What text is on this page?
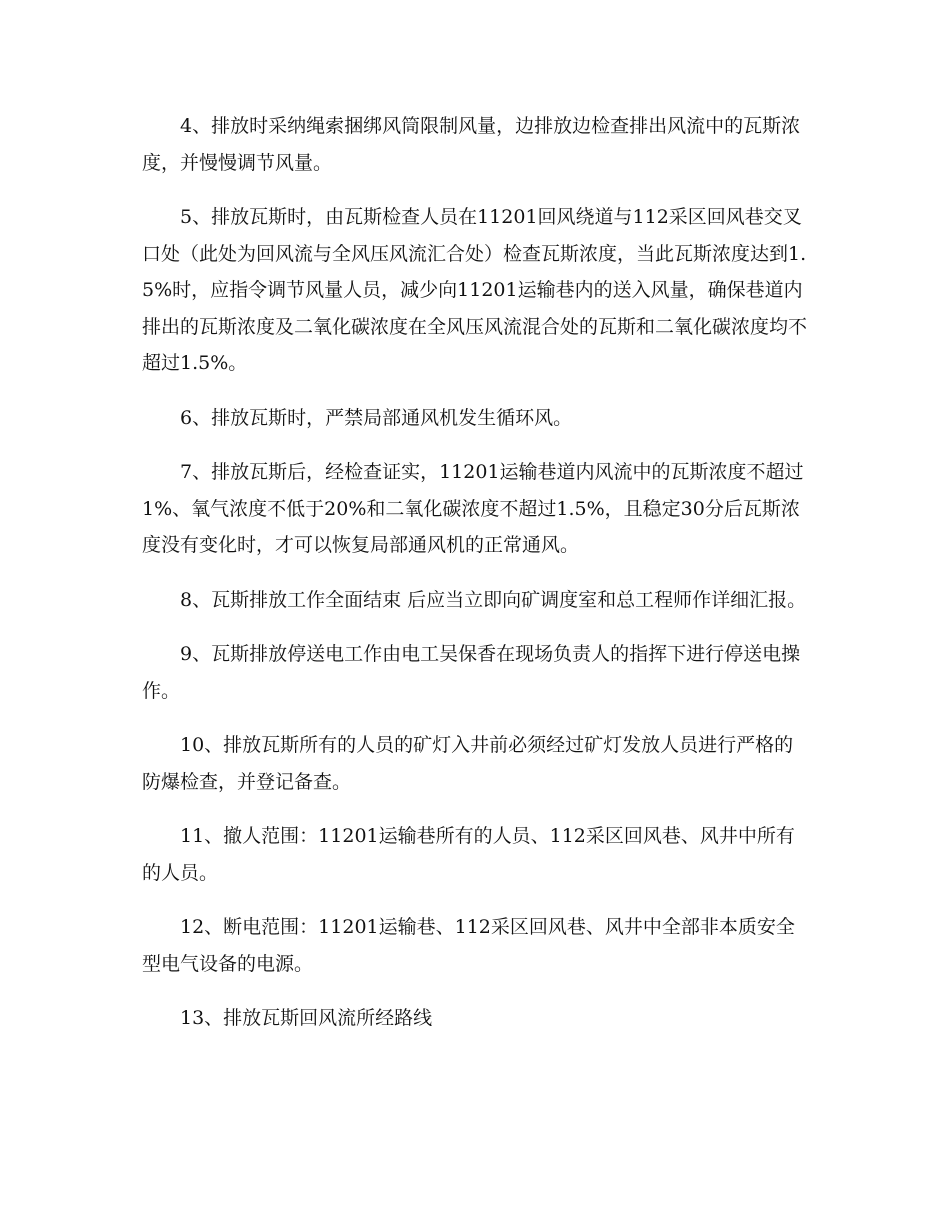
4、排放时采纳绳索捆绑风筒限制风量，边排放边检查排出风流中的瓦斯浓度，并慢慢调节风量。

5、排放瓦斯时，由瓦斯检查人员在11201回风绕道与112采区回风巷交叉口处（此处为回风流与全风压风流汇合处）检查瓦斯浓度，当此瓦斯浓度达到1.5%时，应指令调节风量人员，减少向11201运输巷内的送入风量，确保巷道内排出的瓦斯浓度及二氧化碳浓度在全风压风流混合处的瓦斯和二氧化碳浓度均不超过1.5%。

6、排放瓦斯时，严禁局部通风机发生循环风。

7、排放瓦斯后，经检查证实，11201运输巷道内风流中的瓦斯浓度不超过1%、氧气浓度不低于20%和二氧化碳浓度不超过1.5%，且稳定30分后瓦斯浓度没有变化时，才可以恢复局部通风机的正常通风。

8、瓦斯排放工作全面结束 后应当立即向矿调度室和总工程师作详细汇报。

9、瓦斯排放停送电工作由电工吴保香在现场负责人的指挥下进行停送电操作。

10、排放瓦斯所有的人员的矿灯入井前必须经过矿灯发放人员进行严格的防爆检查，并登记备查。

11、撤人范围：11201运输巷所有的人员、112采区回风巷、风井中所有的人员。

12、断电范围：11201运输巷、112采区回风巷、风井中全部非本质安全型电气设备的电源。

13、排放瓦斯回风流所经路线
